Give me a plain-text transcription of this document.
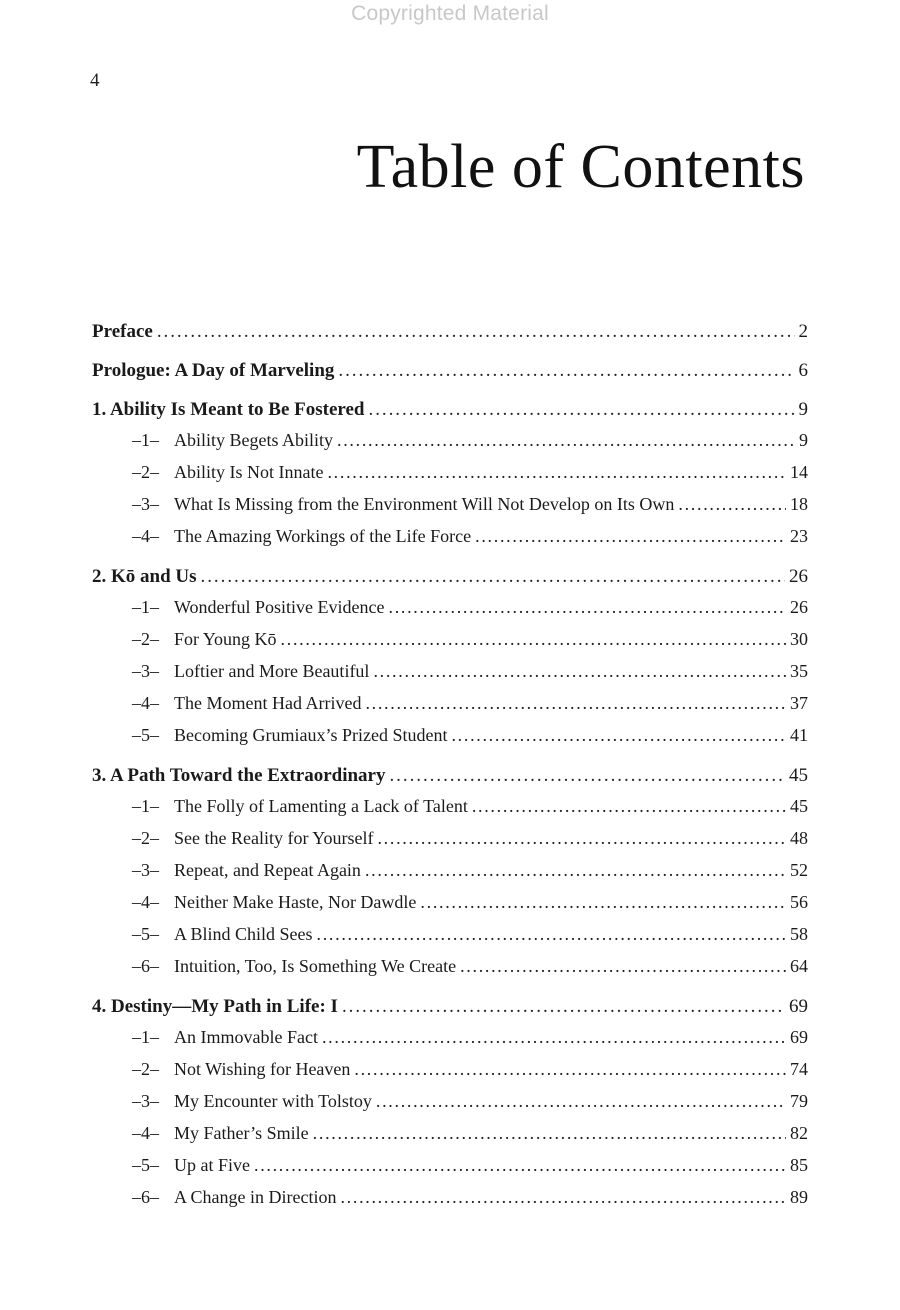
Copyrighted Material
4
Table of Contents
Preface . . .	2
Prologue: A Day of Marveling . . .	6
1. Ability Is Meant to Be Fostered . . .	9
–1– Ability Begets Ability . . .	9
–2– Ability Is Not Innate . . .	14
–3– What Is Missing from the Environment Will Not Develop on Its Own . . .	18
–4– The Amazing Workings of the Life Force . . .	23
2. Kō and Us . . .	26
–1– Wonderful Positive Evidence . . .	26
–2– For Young Kō . . .	30
–3– Loftier and More Beautiful . . .	35
–4– The Moment Had Arrived . . .	37
–5– Becoming Grumiaux’s Prized Student . . .	41
3. A Path Toward the Extraordinary . . .	45
–1– The Folly of Lamenting a Lack of Talent . . .	45
–2– See the Reality for Yourself . . .	48
–3– Repeat, and Repeat Again . . .	52
–4– Neither Make Haste, Nor Dawdle . . .	56
–5– A Blind Child Sees . . .	58
–6– Intuition, Too, Is Something We Create . . .	64
4. Destiny—My Path in Life: I . . .	69
–1– An Immovable Fact . . .	69
–2– Not Wishing for Heaven . . .	74
–3– My Encounter with Tolstoy . . .	79
–4– My Father’s Smile . . .	82
–5– Up at Five . . .	85
–6– A Change in Direction . . .	89
